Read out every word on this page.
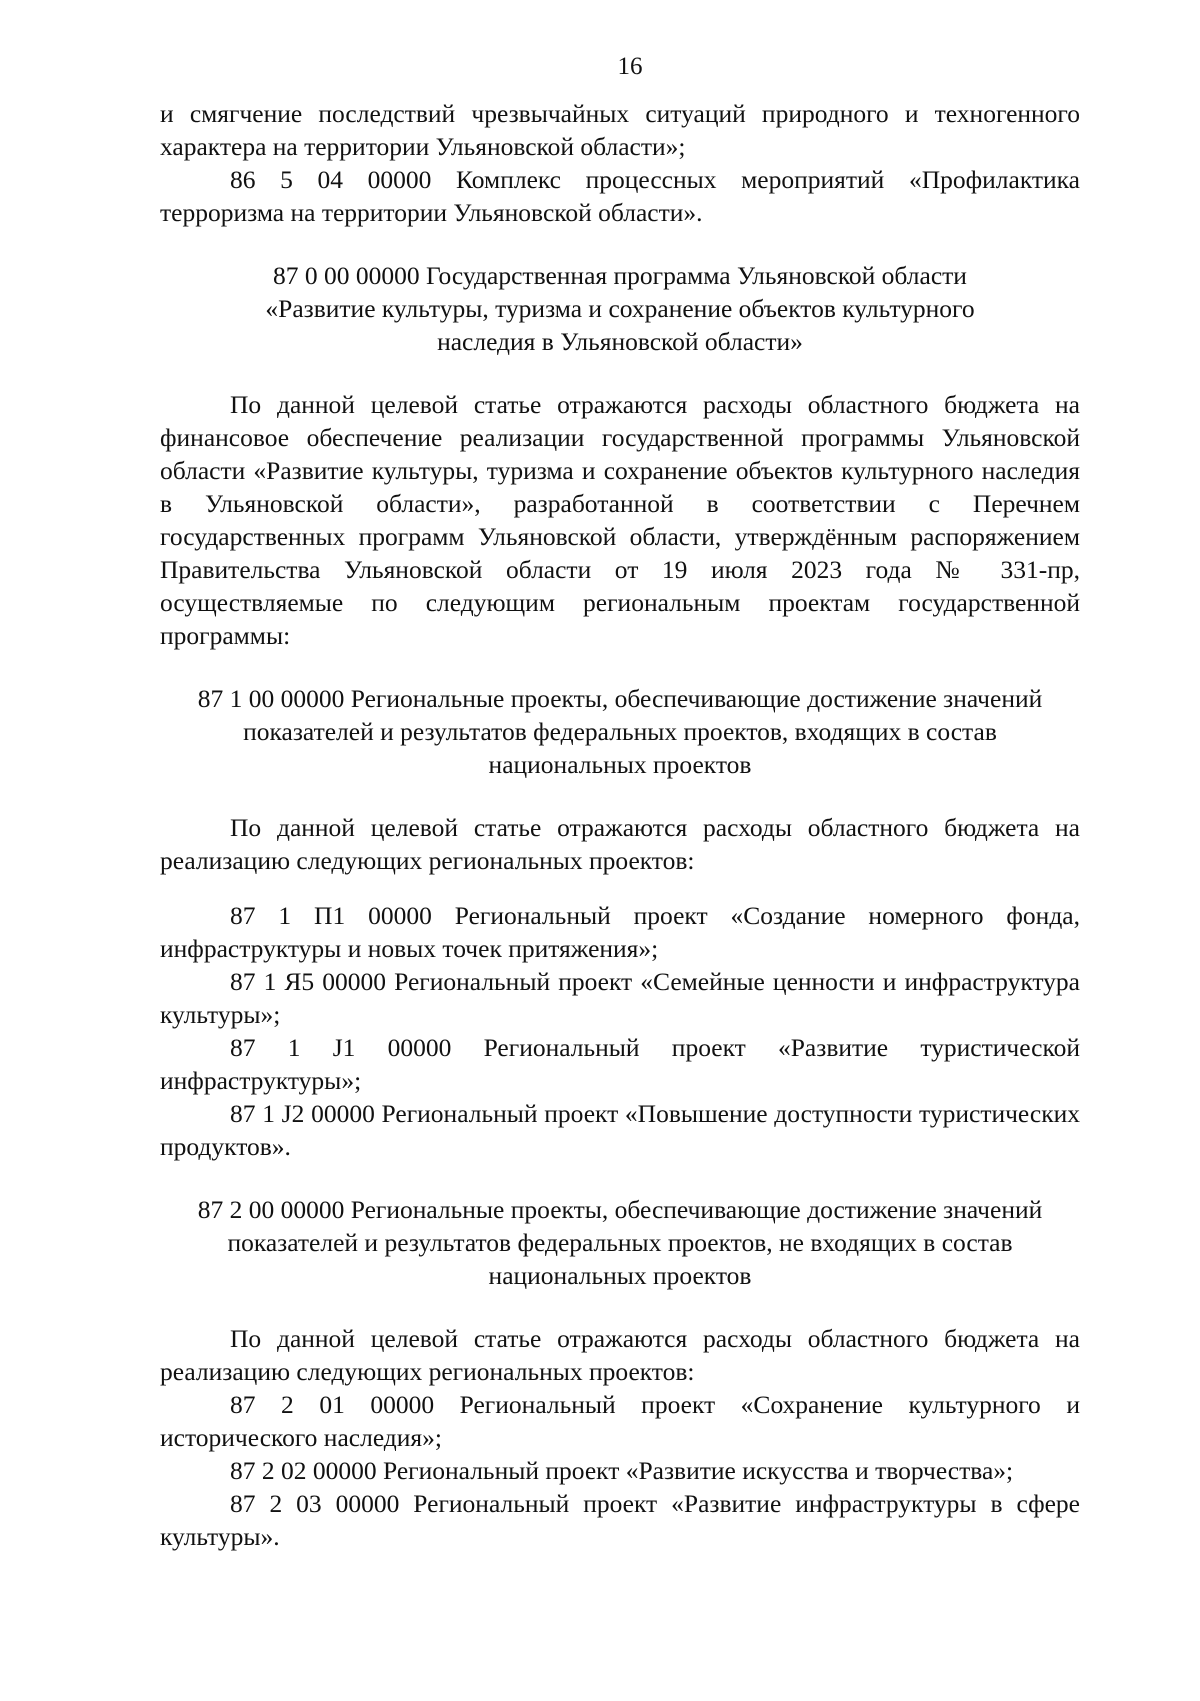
16

и смягчение последствий чрезвычайных ситуаций природного и техногенного характера на территории Ульяновской области»;

86 5 04 00000 Комплекс процессных мероприятий «Профилактика терроризма на территории Ульяновской области».

87 0 00 00000 Государственная программа Ульяновской области «Развитие культуры, туризма и сохранение объектов культурного наследия в Ульяновской области»

По данной целевой статье отражаются расходы областного бюджета на финансовое обеспечение реализации государственной программы Ульяновской области «Развитие культуры, туризма и сохранение объектов культурного наследия в Ульяновской области», разработанной в соответствии с Перечнем государственных программ Ульяновской области, утверждённым распоряжением Правительства Ульяновской области от 19 июля 2023 года № 331-пр, осуществляемые по следующим региональным проектам государственной программы:

87 1 00 00000 Региональные проекты, обеспечивающие достижение значений показателей и результатов федеральных проектов, входящих в состав национальных проектов

По данной целевой статье отражаются расходы областного бюджета на реализацию следующих региональных проектов:

87 1 П1 00000 Региональный проект «Создание номерного фонда, инфраструктуры и новых точек притяжения»;

87 1 Я5 00000 Региональный проект «Семейные ценности и инфраструктура культуры»;

87 1 J1 00000 Региональный проект «Развитие туристической инфраструктуры»;

87 1 J2 00000 Региональный проект «Повышение доступности туристических продуктов».

87 2 00 00000 Региональные проекты, обеспечивающие достижение значений показателей и результатов федеральных проектов, не входящих в состав национальных проектов

По данной целевой статье отражаются расходы областного бюджета на реализацию следующих региональных проектов:

87 2 01 00000 Региональный проект «Сохранение культурного и исторического наследия»;

87 2 02 00000 Региональный проект «Развитие искусства и творчества»;

87 2 03 00000 Региональный проект «Развитие инфраструктуры в сфере культуры».
